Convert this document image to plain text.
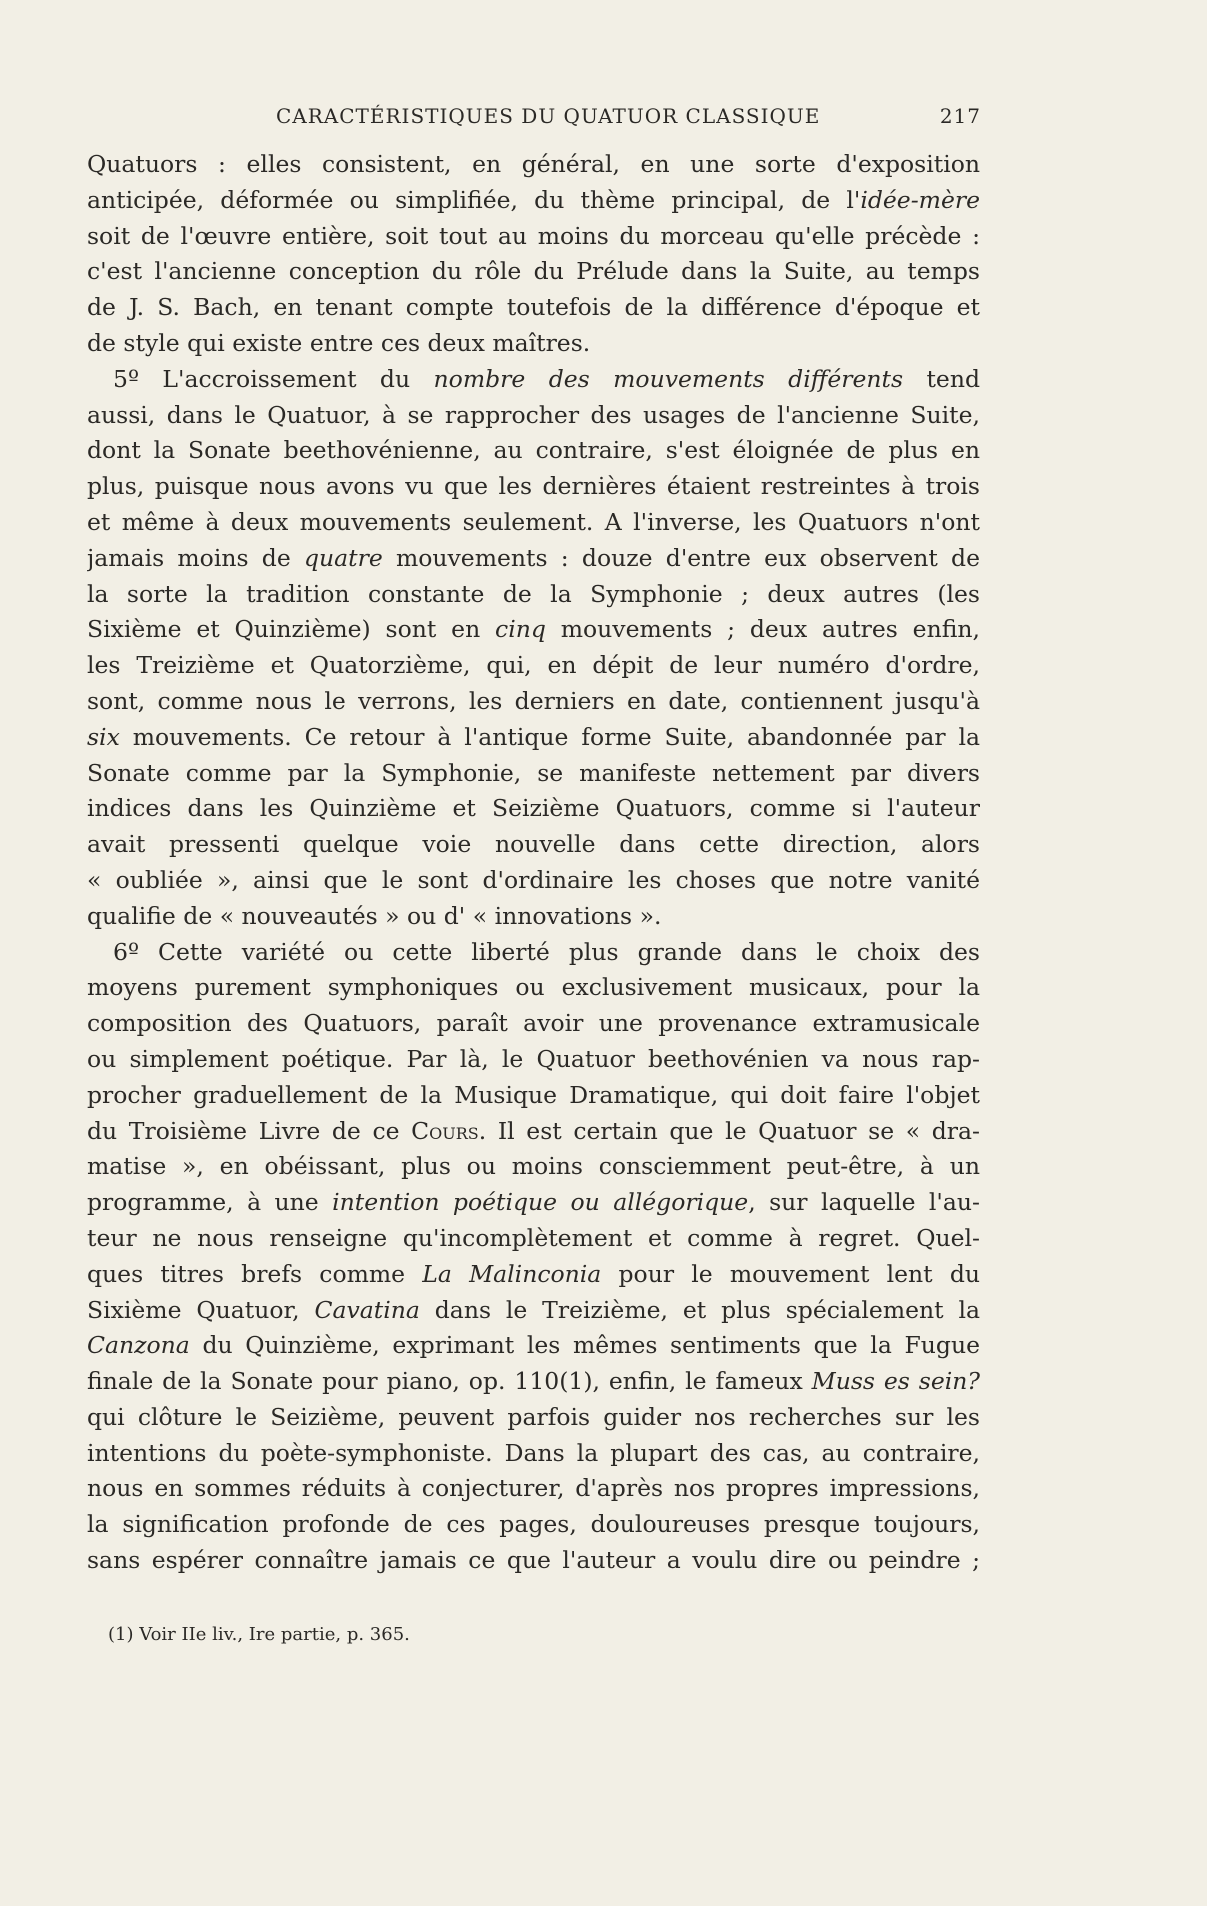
CARACTÉRISTIQUES DU QUATUOR CLASSIQUE	217
Quatuors : elles consistent, en général, en une sorte d'exposition
anticipée, déformée ou simplifiée, du thème principal, de l'idée-mère
soit de l'œuvre entière, soit tout au moins du morceau qu'elle précède :
c'est l'ancienne conception du rôle du Prélude dans la Suite, au temps
de J. S. Bach, en tenant compte toutefois de la différence d'époque et
de style qui existe entre ces deux maîtres.
5º L'accroissement du nombre des mouvements différents tend
aussi, dans le Quatuor, à se rapprocher des usages de l'ancienne Suite,
dont la Sonate beethovénienne, au contraire, s'est éloignée de plus en
plus, puisque nous avons vu que les dernières étaient restreintes à trois
et même à deux mouvements seulement. A l'inverse, les Quatuors n'ont
jamais moins de quatre mouvements : douze d'entre eux observent de
la sorte la tradition constante de la Symphonie ; deux autres (les
Sixième et Quinzième) sont en cinq mouvements ; deux autres enfin,
les Treizième et Quatorzième, qui, en dépit de leur numéro d'ordre,
sont, comme nous le verrons, les derniers en date, contiennent jusqu'à
six mouvements. Ce retour à l'antique forme Suite, abandonnée par la
Sonate comme par la Symphonie, se manifeste nettement par divers
indices dans les Quinzième et Seizième Quatuors, comme si l'auteur
avait pressenti quelque voie nouvelle dans cette direction, alors
« oubliée », ainsi que le sont d'ordinaire les choses que notre vanité
qualifie de « nouveautés » ou d' « innovations ».
6º Cette variété ou cette liberté plus grande dans le choix des
moyens purement symphoniques ou exclusivement musicaux, pour la
composition des Quatuors, paraît avoir une provenance extramusicale
ou simplement poétique. Par là, le Quatuor beethovénien va nous rap-
procher graduellement de la Musique Dramatique, qui doit faire l'objet
du Troisième Livre de ce Cours. Il est certain que le Quatuor se « dra-
matise », en obéissant, plus ou moins consciemment peut-être, à un
programme, à une intention poétique ou allégorique, sur laquelle l'au-
teur ne nous renseigne qu'incomplètement et comme à regret. Quel-
ques titres brefs comme La Malinconia pour le mouvement lent du
Sixième Quatuor, Cavatina dans le Treizième, et plus spécialement la
Canzona du Quinzième, exprimant les mêmes sentiments que la Fugue
finale de la Sonate pour piano, op. 110(1), enfin, le fameux Muss es sein?
qui clôture le Seizième, peuvent parfois guider nos recherches sur les
intentions du poète-symphoniste. Dans la plupart des cas, au contraire,
nous en sommes réduits à conjecturer, d'après nos propres impressions,
la signification profonde de ces pages, douloureuses presque toujours,
sans espérer connaître jamais ce que l'auteur a voulu dire ou peindre ;
(1) Voir IIe liv., Ire partie, p. 365.
